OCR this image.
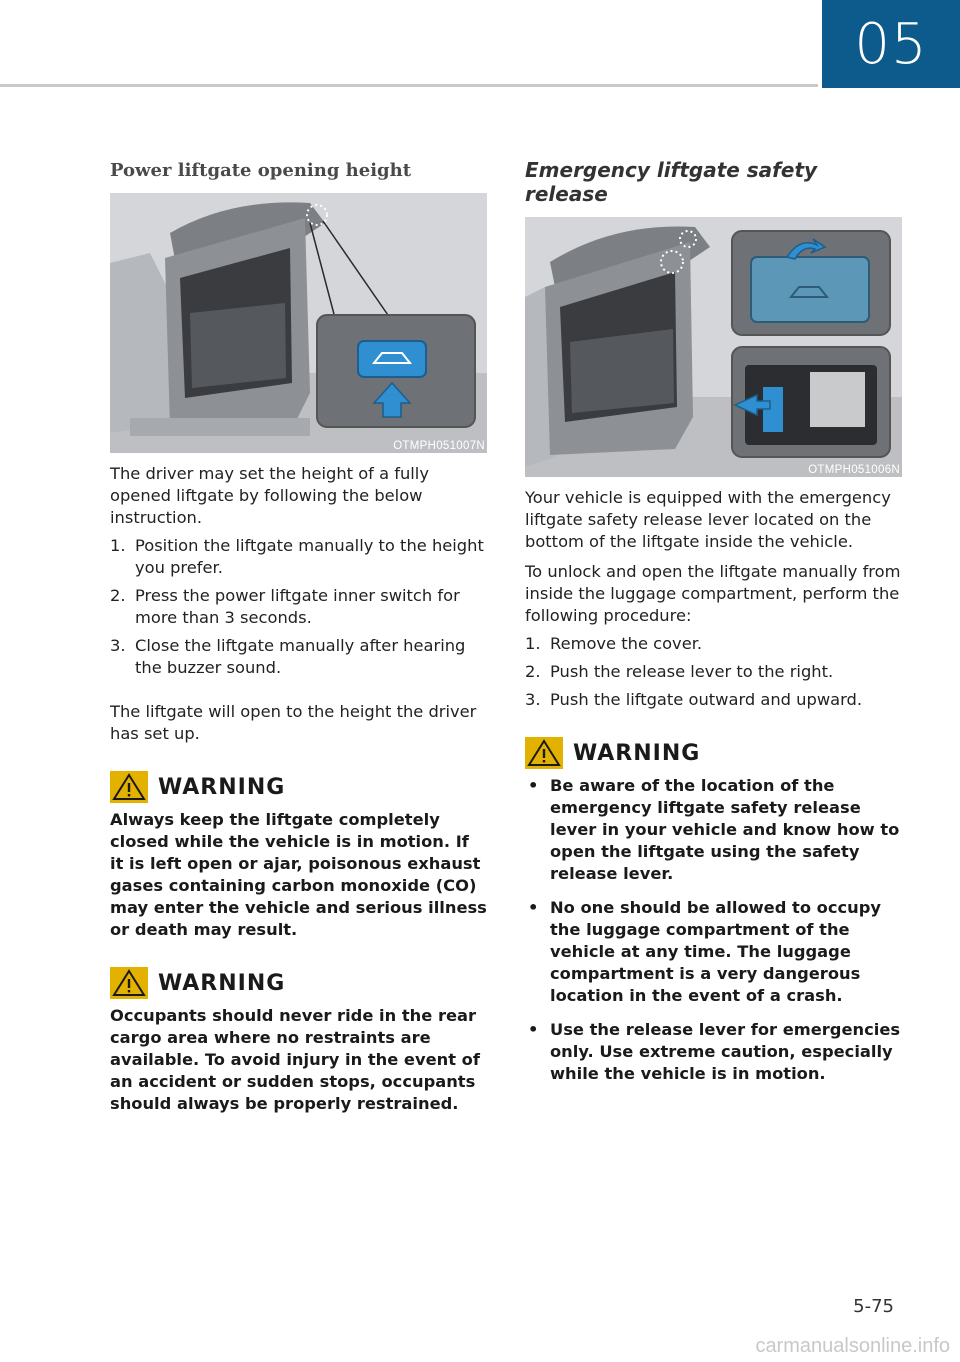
05
Power liftgate opening height
OTMPH051007N

The driver may set the height of a fully opened liftgate by following the below instruction.

1. Position the liftgate manually to the height you prefer.
2. Press the power liftgate inner switch for more than 3 seconds.
3. Close the liftgate manually after hearing the buzzer sound.

The liftgate will open to the height the driver has set up.

WARNING

Always keep the liftgate completely closed while the vehicle is in motion. If it is left open or ajar, poisonous exhaust gases containing carbon monoxide (CO) may enter the vehicle and serious illness or death may result.

WARNING

Occupants should never ride in the rear cargo area where no restraints are available. To avoid injury in the event of an accident or sudden stops, occupants should always be properly restrained.

Emergency liftgate safety release
OTMPH051006N

Your vehicle is equipped with the emergency liftgate safety release lever located on the bottom of the liftgate inside the vehicle.

To unlock and open the liftgate manually from inside the luggage compartment, perform the following procedure:

1. Remove the cover.
2. Push the release lever to the right.
3. Push the liftgate outward and upward.
WARNING
• Be aware of the location of the emergency liftgate safety release lever in your vehicle and know how to open the liftgate using the safety release lever.
• No one should be allowed to occupy the luggage compartment of the vehicle at any time. The luggage compartment is a very dangerous location in the event of a crash.
• Use the release lever for emergencies only. Use extreme caution, especially while the vehicle is in motion.
5-75
carmanualsonline.info
